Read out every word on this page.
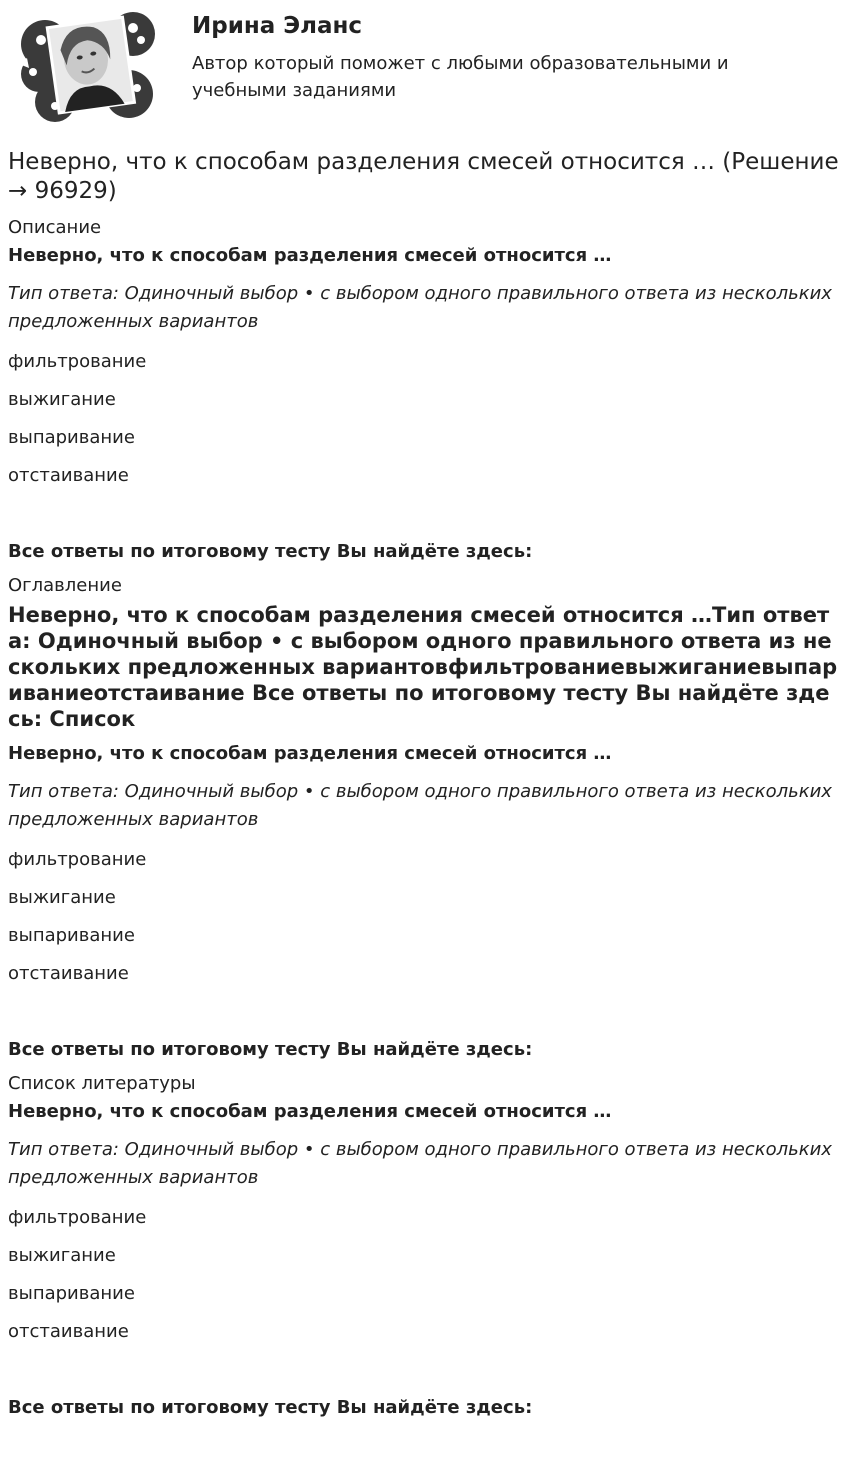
Ирина Эланс
Автор который поможет с любыми образовательными и учебными заданиями
Неверно, что к способам разделения смесей относится … (Решение → 96929)
Описание
Неверно, что к способам разделения смесей относится …
Тип ответа: Одиночный выбор • с выбором одного правильного ответа из нескольких предложенных вариантов
фильтрование
выжигание
выпаривание
отстаивание
Все ответы по итоговому тесту Вы найдёте здесь:
Оглавление
Неверно, что к способам разделения смесей относится …Тип ответа: Одиночный выбор • с выбором одного правильного ответа из нескольких предложенных вариантовфильтрованиевыжиганиевыпариваниеотстаивание Все ответы по итоговому тесту Вы найдёте здесь: Список
Неверно, что к способам разделения смесей относится …
Тип ответа: Одиночный выбор • с выбором одного правильного ответа из нескольких предложенных вариантов
фильтрование
выжигание
выпаривание
отстаивание
Все ответы по итоговому тесту Вы найдёте здесь:
Список литературы
Неверно, что к способам разделения смесей относится …
Тип ответа: Одиночный выбор • с выбором одного правильного ответа из нескольких предложенных вариантов
фильтрование
выжигание
выпаривание
отстаивание
Все ответы по итоговому тесту Вы найдёте здесь:
